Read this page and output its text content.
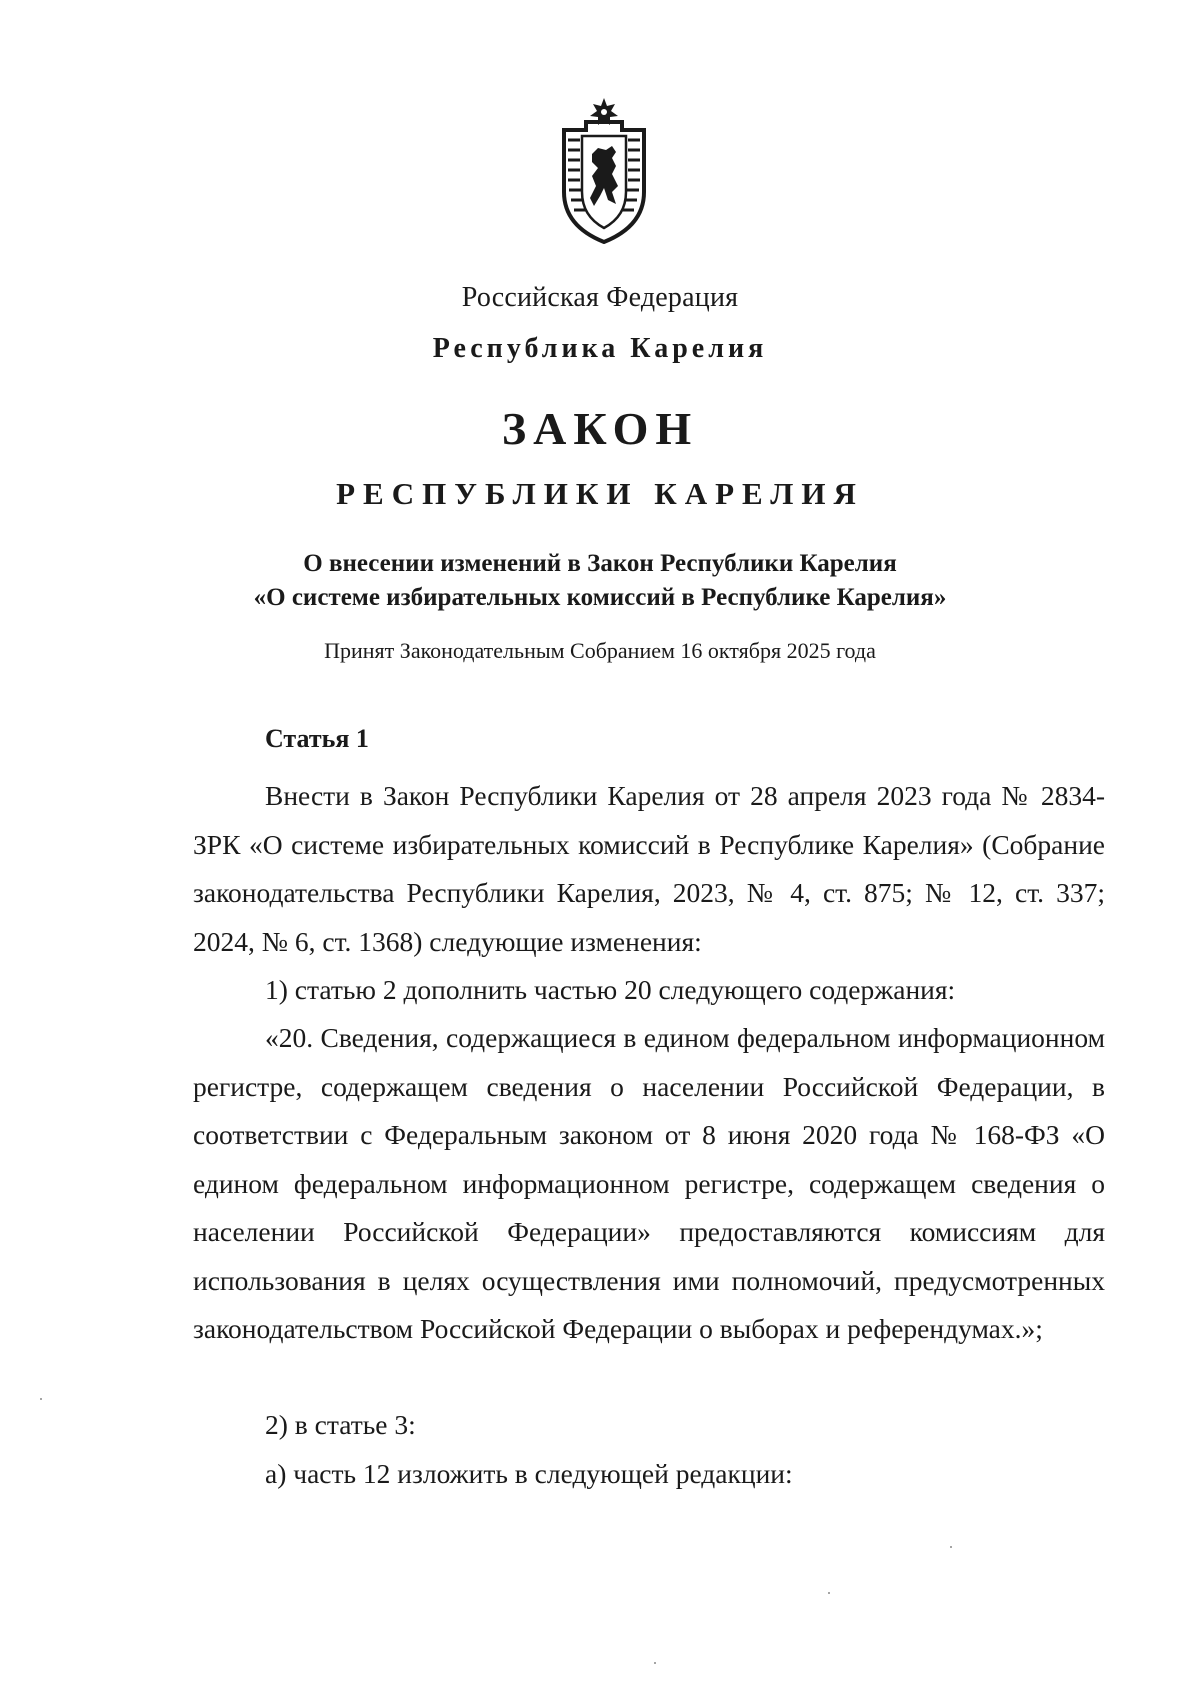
Российская Федерация
Республика Карелия
ЗАКОН
РЕСПУБЛИКИ КАРЕЛИЯ
О внесении изменений в Закон Республики Карелия
«О системе избирательных комиссий в Республике Карелия»
Принят Законодательным Собранием 16 октября 2025 года
Статья 1
Внести в Закон Республики Карелия от 28 апреля 2023 года № 2834-ЗРК «О системе избирательных комиссий в Республике Карелия» (Собрание законодательства Республики Карелия, 2023, № 4, ст. 875; № 12, ст. 337; 2024, № 6, ст. 1368) следующие изменения:
1) статью 2 дополнить частью 20 следующего содержания:
«20. Сведения, содержащиеся в едином федеральном информационном регистре, содержащем сведения о населении Российской Федерации, в соответствии с Федеральным законом от 8 июня 2020 года № 168-ФЗ «О едином федеральном информационном регистре, содержащем сведения о населении Российской Федерации» предоставляются комиссиям для использования в целях осуществления ими полномочий, предусмотренных законодательством Российской Федерации о выборах и референдумах.»;
2) в статье 3:
а) часть 12 изложить в следующей редакции:
